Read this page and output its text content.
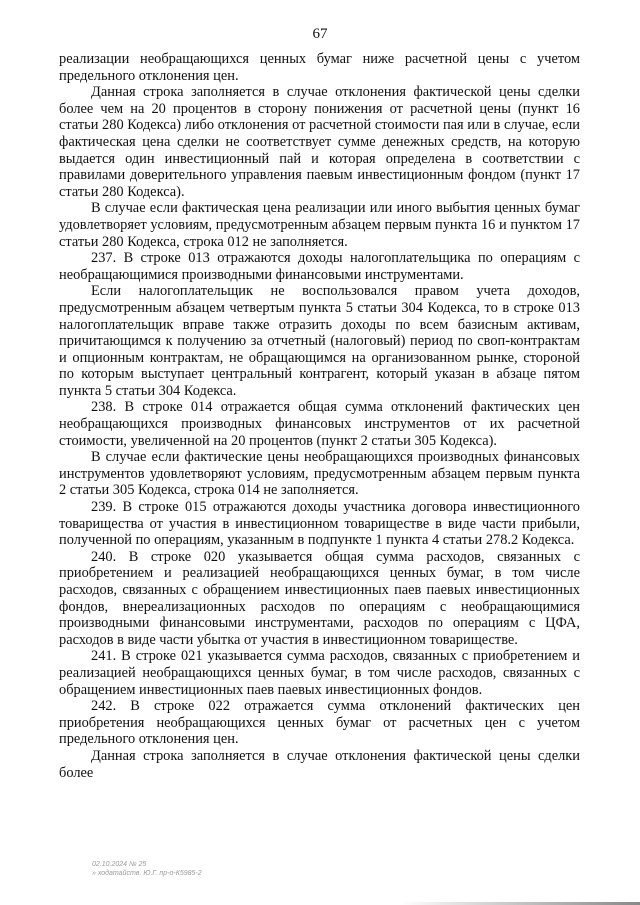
67

реализации необращающихся ценных бумаг ниже расчетной цены с учетом предельного отклонения цен.

Данная строка заполняется в случае отклонения фактической цены сделки более чем на 20 процентов в сторону понижения от расчетной цены (пункт 16 статьи 280 Кодекса) либо отклонения от расчетной стоимости пая или в случае, если фактическая цена сделки не соответствует сумме денежных средств, на которую выдается один инвестиционный пай и которая определена в соответствии с правилами доверительного управления паевым инвестиционным фондом (пункт 17 статьи 280 Кодекса).

В случае если фактическая цена реализации или иного выбытия ценных бумаг удовлетворяет условиям, предусмотренным абзацем первым пункта 16 и пунктом 17 статьи 280 Кодекса, строка 012 не заполняется.

237. В строке 013 отражаются доходы налогоплательщика по операциям с необращающимися производными финансовыми инструментами.

Если налогоплательщик не воспользовался правом учета доходов, предусмотренным абзацем четвертым пункта 5 статьи 304 Кодекса, то в строке 013 налогоплательщик вправе также отразить доходы по всем базисным активам, причитающимся к получению за отчетный (налоговый) период по своп-контрактам и опционным контрактам, не обращающимся на организованном рынке, стороной по которым выступает центральный контрагент, который указан в абзаце пятом пункта 5 статьи 304 Кодекса.

238. В строке 014 отражается общая сумма отклонений фактических цен необращающихся производных финансовых инструментов от их расчетной стоимости, увеличенной на 20 процентов (пункт 2 статьи 305 Кодекса).

В случае если фактические цены необращающихся производных финансовых инструментов удовлетворяют условиям, предусмотренным абзацем первым пункта 2 статьи 305 Кодекса, строка 014 не заполняется.

239. В строке 015 отражаются доходы участника договора инвестиционного товарищества от участия в инвестиционном товариществе в виде части прибыли, полученной по операциям, указанным в подпункте 1 пункта 4 статьи 278.2 Кодекса.

240. В строке 020 указывается общая сумма расходов, связанных с приобретением и реализацией необращающихся ценных бумаг, в том числе расходов, связанных с обращением инвестиционных паев паевых инвестиционных фондов, внереализационных расходов по операциям с необращающимися производными финансовыми инструментами, расходов по операциям с ЦФА, расходов в виде части убытка от участия в инвестиционном товариществе.

241. В строке 021 указывается сумма расходов, связанных с приобретением и реализацией необращающихся ценных бумаг, в том числе расходов, связанных с обращением инвестиционных паев паевых инвестиционных фондов.

242. В строке 022 отражается сумма отклонений фактических цен приобретения необращающихся ценных бумаг от расчетных цен с учетом предельного отклонения цен.

Данная строка заполняется в случае отклонения фактической цены сделки более

02.10.2024 № 25
» ходатайств. Ю.Г. пр-о-К5985-2
